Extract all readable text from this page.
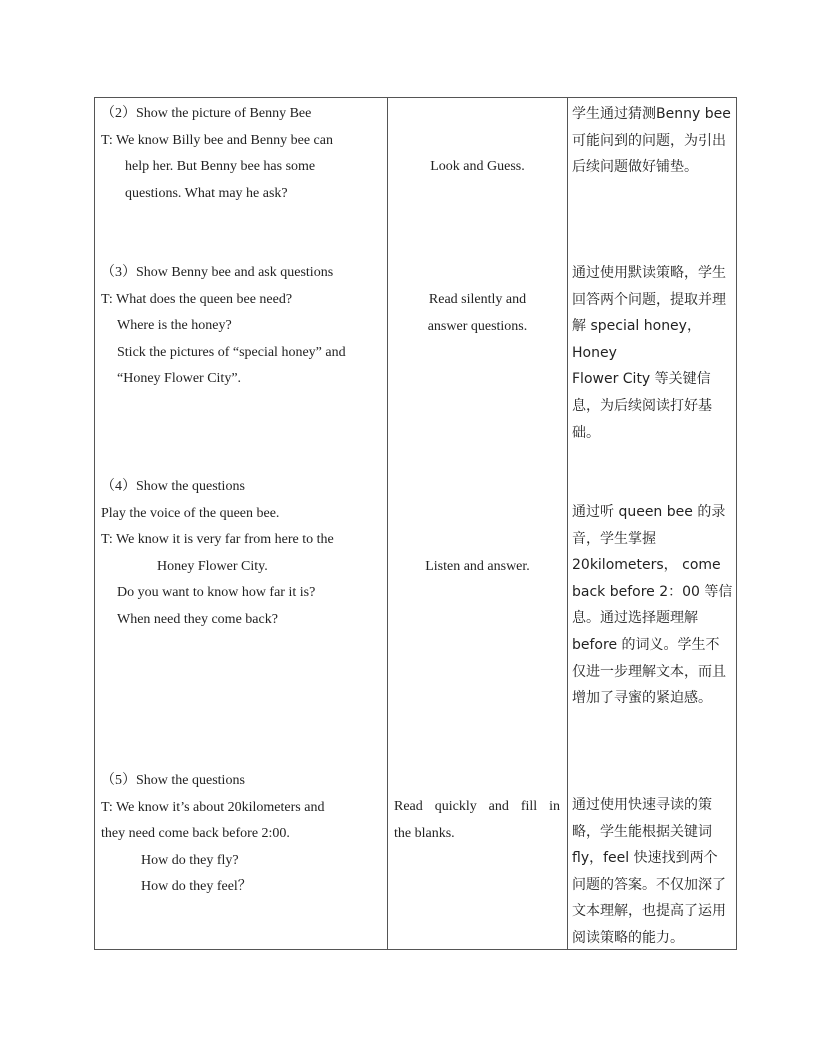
（2）Show the picture of Benny Bee

T: We know Billy bee and Benny bee can

help her. But Benny bee has some

questions. What may he ask?

Look and Guess.

学生通过猜测Benny bee

可能问到的问题，为引出

后续问题做好铺垫。

（3）Show Benny bee and ask questions

T: What does the queen bee need?

Where is the honey?

Stick the pictures of “special honey” and

“Honey Flower City”.

Read silently and
answer questions.

通过使用默读策略，学生

回答两个问题，提取并理

解 special honey，Honey

Flower City 等关键信

息，为后续阅读打好基

础。

（4）Show the questions

Play the voice of the queen bee.

T: We know it is very far from here to the

Honey Flower City.

Do you want to know how far it is?

When need they come back?

Listen and answer.

通过听 queen bee 的录

音，学生掌握

20kilometers， come

back before 2：00 等信

息。通过选择题理解

before 的词义。学生不

仅进一步理解文本，而且

增加了寻蜜的紧迫感。

（5）Show the questions

T: We know it’s about 20kilometers and

they need come back before 2:00.

How do they fly?

How do they feel？

Read quickly and fill in
the blanks.

通过使用快速寻读的策

略，学生能根据关键词

fly，feel 快速找到两个

问题的答案。不仅加深了

文本理解，也提高了运用

阅读策略的能力。
